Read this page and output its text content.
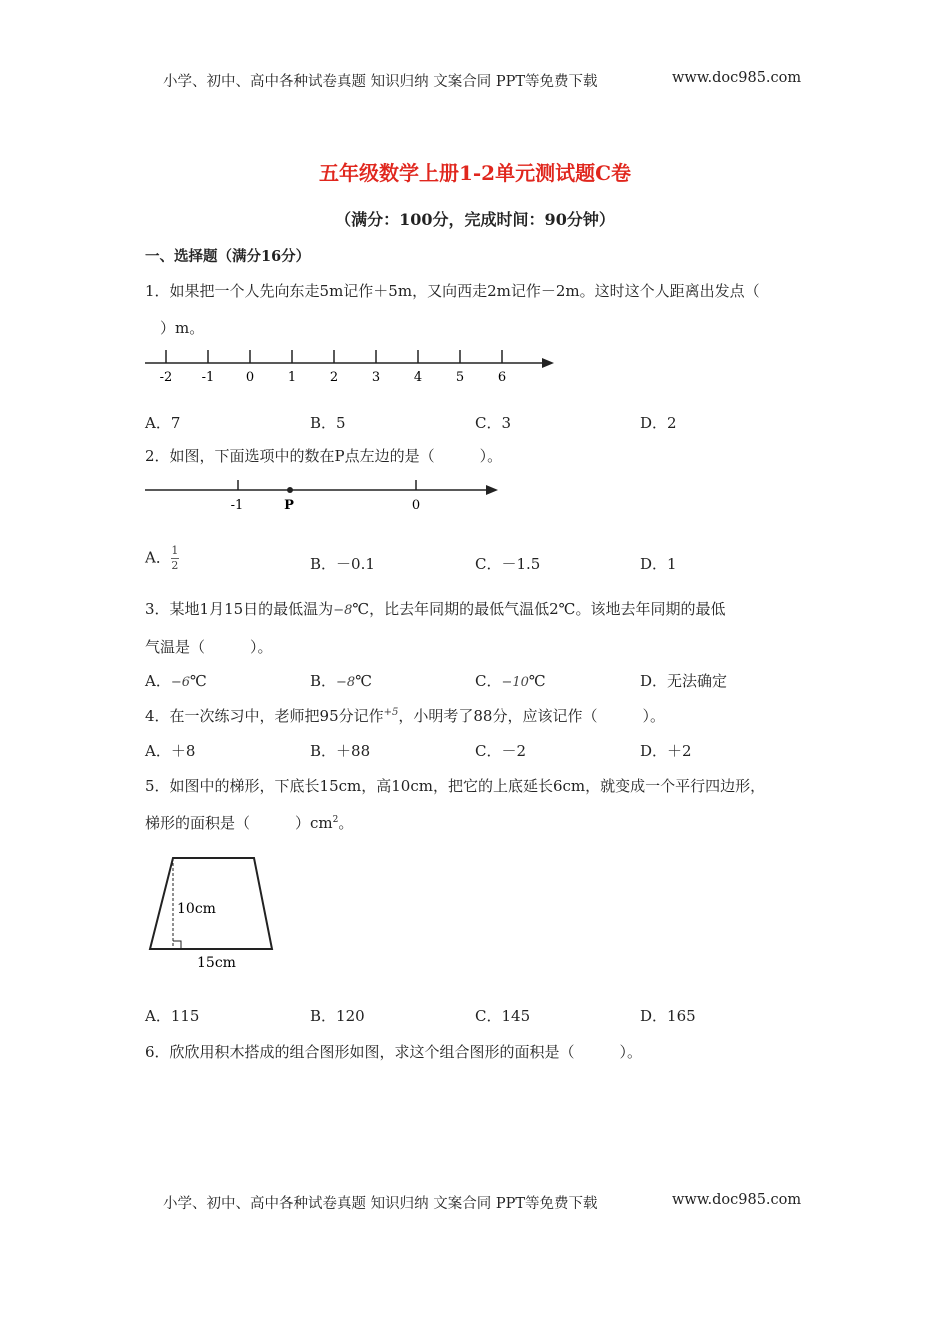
小学、初中、高中各种试卷真题 知识归纳 文案合同 PPT等免费下载	www.doc985.com
五年级数学上册1-2单元测试题C卷
（满分：100分，完成时间：90分钟）
一、选择题（满分16分）
1．如果把一个人先向东走5m记作＋5m，又向西走2m记作－2m。这时这个人距离出发点（
　）m。
-2 -1 0	1	2	3	4	5	6
A．7	B．5	C．3	D．2
2．如图，下面选项中的数在P点左边的是（　　　）。
-1	P	0
A． $\frac{1}{2}$	B．－0.1	C．－1.5	D．1
3．某地1月15日的最低温为−8℃，比去年同期的最低气温低2℃。该地去年同期的最低
气温是（　　　）。
A．−6℃	B．−8℃	C．−10℃	D．无法确定
4．在一次练习中，老师把95分记作$^{+5}$，小明考了88分，应该记作（　　　）。
A．＋8	B．＋88	C．－2	D．＋2
5．如图中的梯形，下底长15cm，高10cm，把它的上底延长6cm，就变成一个平行四边形，
梯形的面积是（　　　）$cm^2$。
10cm
15cm
A．115	B．120	C．145	D．165
6．欣欣用积木搭成的组合图形如图，求这个组合图形的面积是（　　　）。
小学、初中、高中各种试卷真题 知识归纳 文案合同 PPT等免费下载	www.doc985.com
